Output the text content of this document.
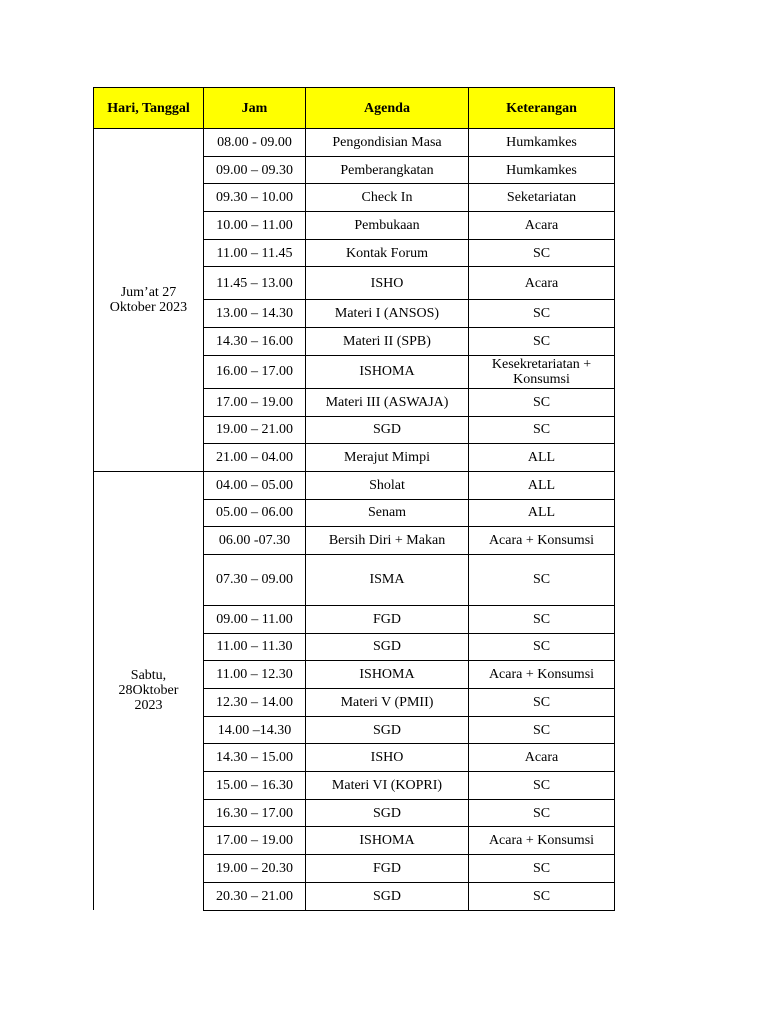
Hari, Tanggal	Jam	Agenda	Keterangan
Jum’at 27
Oktober 2023	08.00 - 09.00	Pengondisian Masa	Humkamkes
	09.00 – 09.30	Pemberangkatan	Humkamkes
	09.30 – 10.00	Check In	Seketariatan
	10.00 – 11.00	Pembukaan	Acara
	11.00 – 11.45	Kontak Forum	SC
	11.45 – 13.00	ISHO	Acara
	13.00 – 14.30	Materi I (ANSOS)	SC
	14.30 – 16.00	Materi II (SPB)	SC
	16.00 – 17.00	ISHOMA	Kesekretariatan + Konsumsi
	17.00 – 19.00	Materi III (ASWAJA)	SC
	19.00 – 21.00	SGD	SC
	21.00 – 04.00	Merajut Mimpi	ALL
Sabtu,
28Oktober
2023	04.00 – 05.00	Sholat	ALL
	05.00 – 06.00	Senam	ALL
	06.00 -07.30	Bersih Diri + Makan	Acara + Konsumsi
	07.30 – 09.00	ISMA	SC
	09.00 – 11.00	FGD	SC
	11.00 – 11.30	SGD	SC
	11.00 – 12.30	ISHOMA	Acara + Konsumsi
	12.30 – 14.00	Materi V (PMII)	SC
	14.00 –14.30	SGD	SC
	14.30 – 15.00	ISHO	Acara
	15.00 – 16.30	Materi VI (KOPRI)	SC
	16.30 – 17.00	SGD	SC
	17.00 – 19.00	ISHOMA	Acara + Konsumsi
	19.00 – 20.30	FGD	SC
	20.30 – 21.00	SGD	SC
